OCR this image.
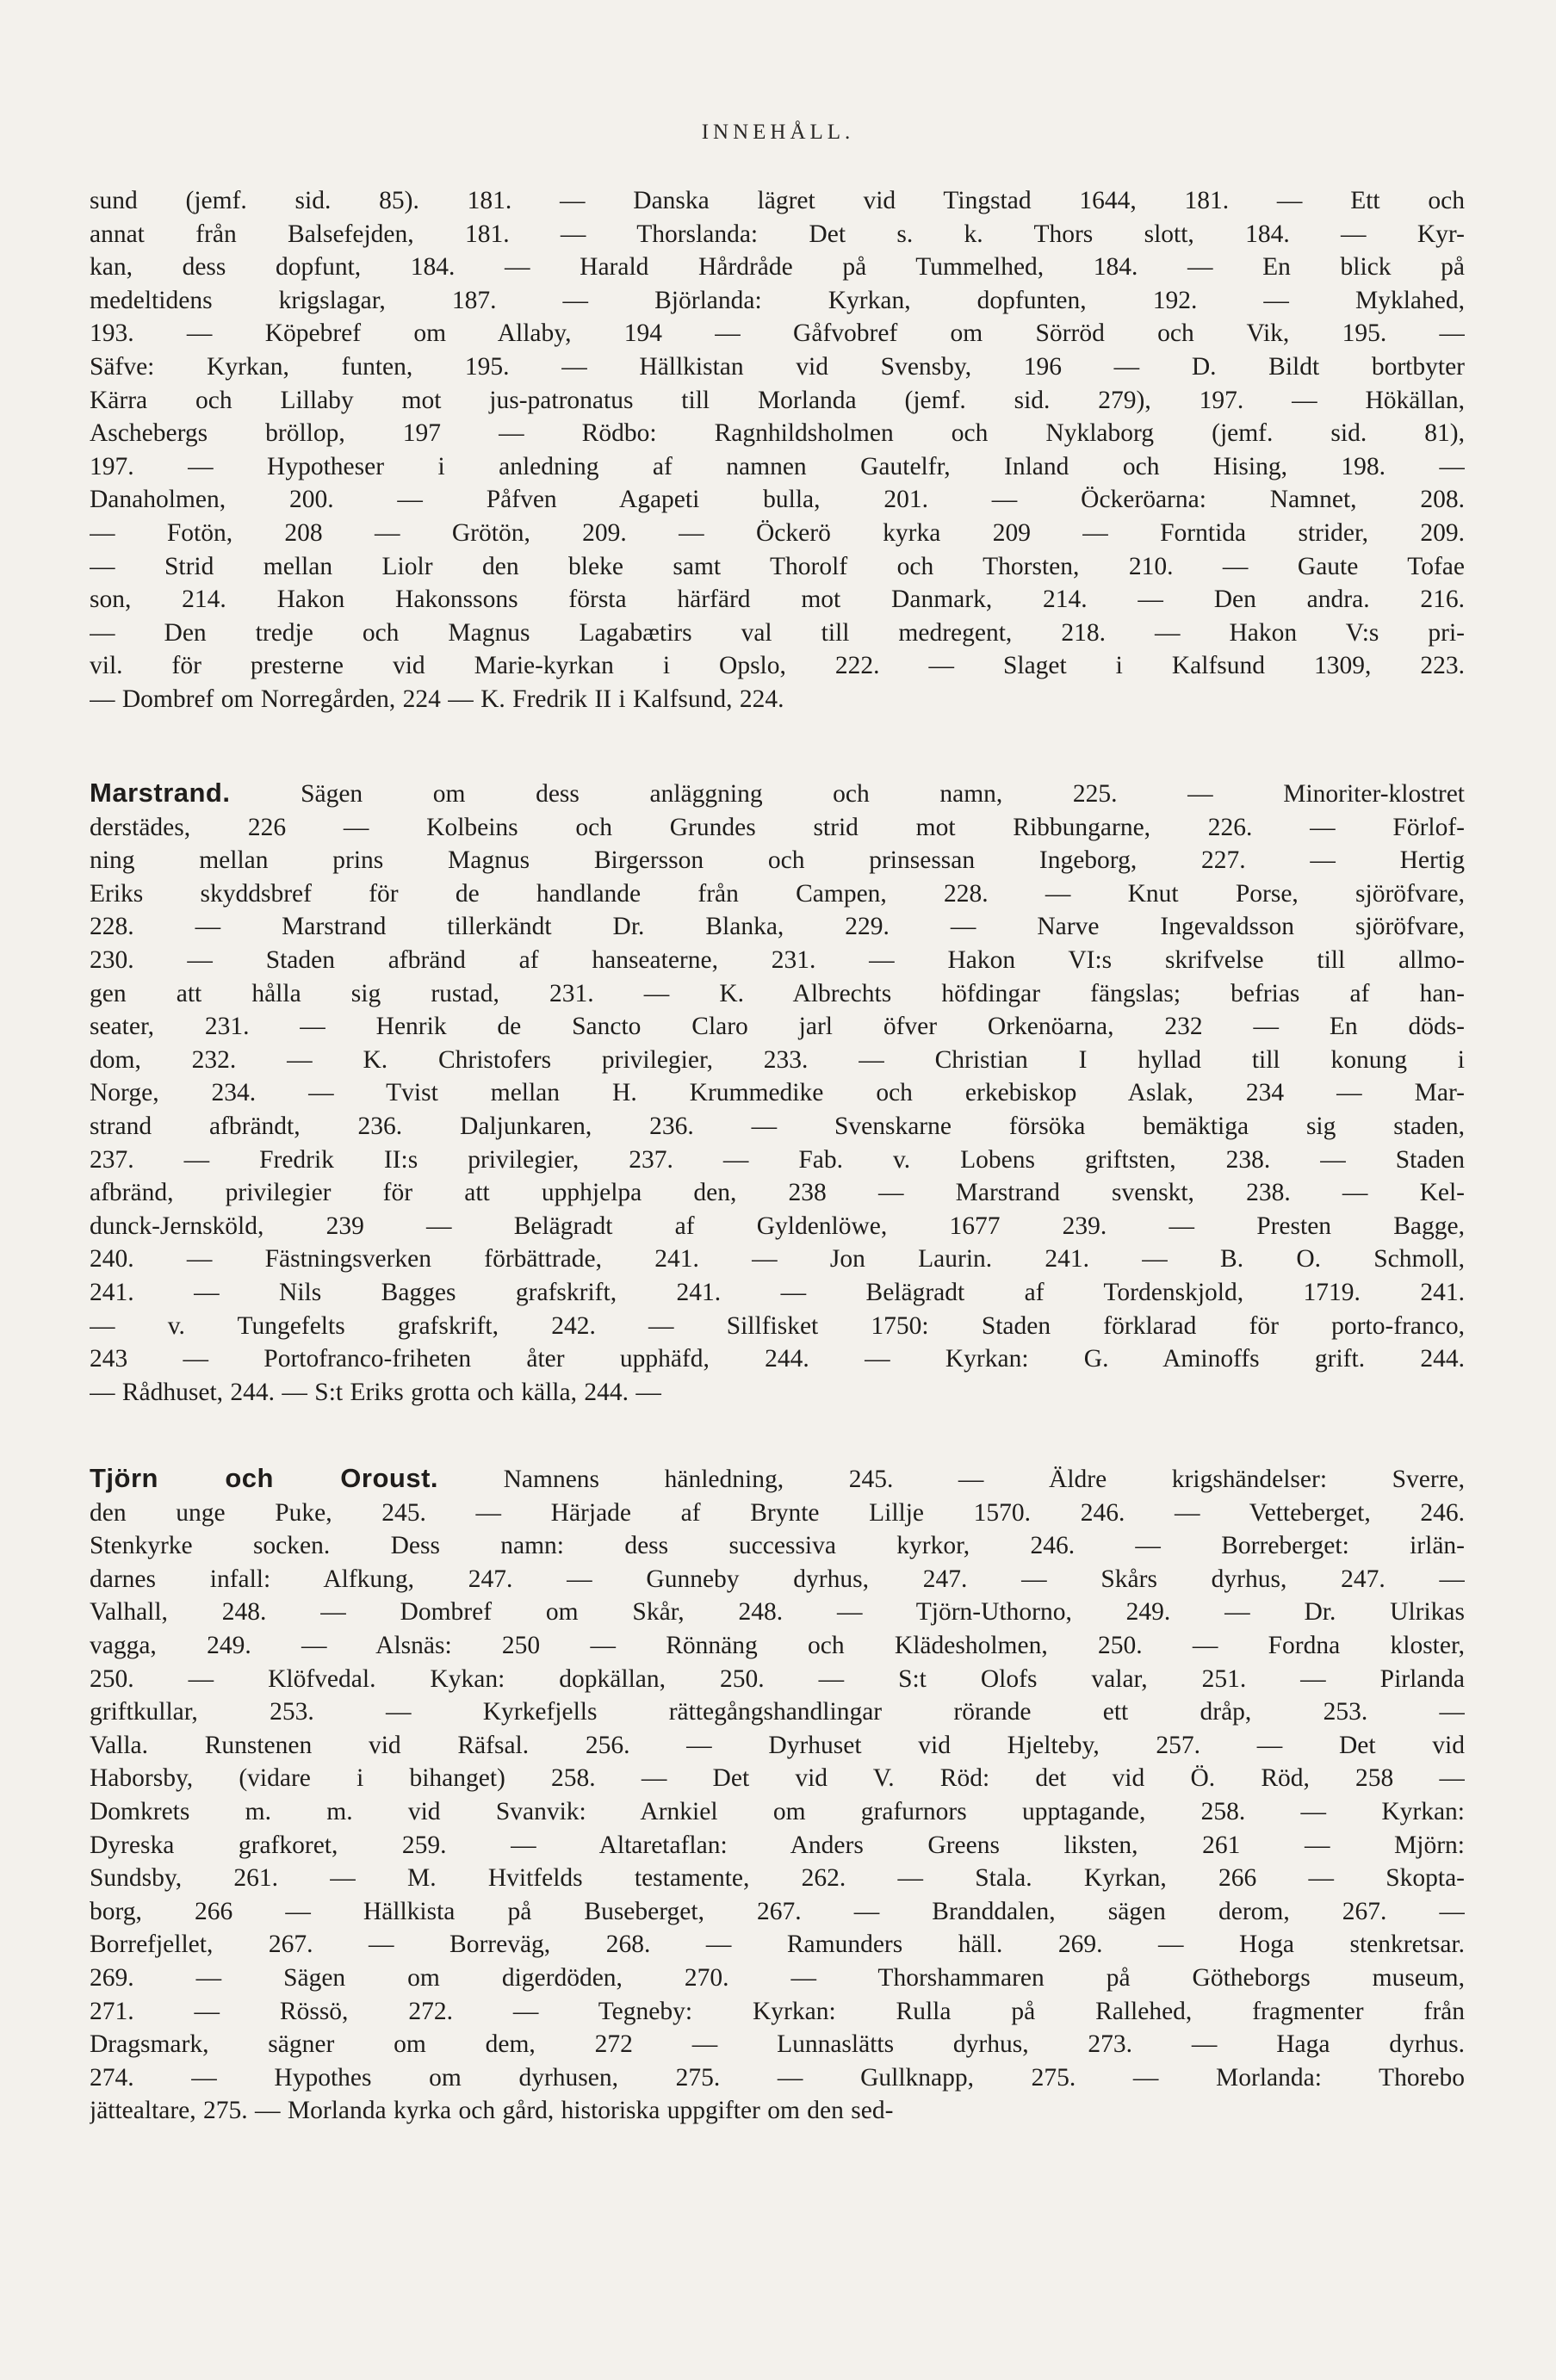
INNEHÅLL.
sund (jemf. sid. 85). 181. — Danska lägret vid Tingstad 1644, 181. — Ett och
annat från Balsefejden, 181. — Thorslanda: Det s. k. Thors slott, 184. — Kyr-
kan, dess dopfunt, 184. — Harald Hårdråde på Tummelhed, 184. — En blick på
medeltidens krigslagar, 187. — Björlanda: Kyrkan, dopfunten, 192. — Myklahed,
193. — Köpebref om Allaby, 194 — Gåfvobref om Sörröd och Vik, 195. —
Säfve: Kyrkan, funten, 195. — Hällkistan vid Svensby, 196 — D. Bildt bortbyter
Kärra och Lillaby mot jus-patronatus till Morlanda (jemf. sid. 279), 197. — Hökällan,
Aschebergs bröllop, 197 — Rödbo: Ragnhildsholmen och Nyklaborg (jemf. sid. 81),
197. — Hypotheser i anledning af namnen Gautelfr, Inland och Hising, 198. —
Danaholmen, 200. — Påfven Agapeti bulla, 201. — Öckeröarna: Namnet, 208.
— Fotön, 208 — Grötön, 209. — Öckerö kyrka 209 — Forntida strider, 209.
— Strid mellan Liolr den bleke samt Thorolf och Thorsten, 210. — Gaute Tofae
son, 214. Hakon Hakonssons första härfärd mot Danmark, 214. — Den andra. 216.
— Den tredje och Magnus Lagabætirs val till medregent, 218. — Hakon V:s pri-
vil. för presterne vid Marie-kyrkan i Opslo, 222. — Slaget i Kalfsund 1309, 223.
— Dombref om Norregården, 224 — K. Fredrik II i Kalfsund, 224.
Marstrand.	Sägen om dess anläggning och namn, 225. — Minoriter-klostret
derstädes, 226 — Kolbeins och Grundes strid mot Ribbungarne, 226. — Förlof-
ning mellan prins Magnus Birgersson och prinsessan Ingeborg, 227. — Hertig
Eriks skyddsbref för de handlande från Campen, 228. — Knut Porse, sjöröfvare,
228. — Marstrand tillerkändt Dr. Blanka, 229. — Narve Ingevaldsson sjöröfvare,
230. — Staden afbränd af hanseaterne, 231. — Hakon VI:s skrifvelse till allmo-
gen att hålla sig rustad, 231. — K. Albrechts höfdingar fängslas; befrias af han-
seater, 231. — Henrik de Sancto Claro jarl öfver Orkenöarna, 232 — En döds-
dom, 232. — K. Christofers privilegier, 233. — Christian I hyllad till konung i
Norge, 234. — Tvist mellan H. Krummedike och erkebiskop Aslak, 234 — Mar-
strand afbrändt, 236. Daljunkaren, 236. — Svenskarne försöka bemäktiga sig staden,
237. — Fredrik II:s privilegier, 237. — Fab. v. Lobens griftsten, 238. — Staden
afbränd, privilegier för att upphjelpa den, 238 — Marstrand svenskt, 238. — Kel-
dunck-Jernsköld, 239 — Belägradt af Gyldenlöwe, 1677 239. — Presten Bagge,
240. — Fästningsverken förbättrade, 241. — Jon Laurin. 241. — B. O. Schmoll,
241. — Nils Bagges grafskrift, 241. — Belägradt af Tordenskjold, 1719. 241.
— v. Tungefelts grafskrift, 242. — Sillfisket 1750: Staden förklarad för porto-franco,
243 — Portofranco-friheten åter upphäfd, 244. — Kyrkan: G. Aminoffs grift. 244.
— Rådhuset, 244. — S:t Eriks grotta och källa, 244. —
Tjörn och Oroust.	Namnens hänledning, 245. — Äldre krigshändelser: Sverre,
den unge Puke, 245. — Härjade af Brynte Lillje 1570. 246. — Vetteberget, 246.
Stenkyrke socken. Dess namn: dess successiva kyrkor, 246. — Borreberget: irlän-
darnes infall: Alfkung, 247. — Gunneby dyrhus, 247. — Skårs dyrhus, 247. —
Valhall, 248. — Dombref om Skår, 248. — Tjörn-Uthorno, 249. — Dr. Ulrikas
vagga, 249. — Alsnäs: 250 — Rönnäng och Klädesholmen, 250. — Fordna kloster,
250. — Klöfvedal. Kykan: dopkällan, 250. — S:t Olofs valar, 251. — Pirlanda
griftkullar, 253. — Kyrkefjells rättegångshandlingar rörande ett dråp, 253. —
Valla. Runstenen vid Räfsal. 256. — Dyrhuset vid Hjelteby, 257. — Det vid
Haborsby, (vidare i bihanget) 258. — Det vid V. Röd: det vid Ö. Röd, 258 —
Domkrets m. m. vid Svanvik: Arnkiel om grafurnors upptagande, 258. — Kyrkan:
Dyreska grafkoret, 259. — Altaretaflan: Anders Greens liksten, 261 — Mjörn:
Sundsby, 261. — M. Hvitfelds testamente, 262. — Stala. Kyrkan, 266 — Skopta-
borg, 266 — Hällkista på Buseberget, 267. — Branddalen, sägen derom, 267. —
Borrefjellet, 267. — Borreväg, 268. — Ramunders häll. 269. — Hoga stenkretsar.
269. — Sägen om digerdöden, 270. — Thorshammaren på Götheborgs museum,
271. — Rössö, 272. — Tegneby: Kyrkan: Rulla på Rallehed, fragmenter från
Dragsmark, sägner om dem, 272 — Lunnaslätts dyrhus, 273. — Haga dyrhus.
274. — Hypothes om dyrhusen, 275. — Gullknapp, 275. — Morlanda: Thorebo
jättealtare, 275. — Morlanda kyrka och gård, historiska uppgifter om den sed-
